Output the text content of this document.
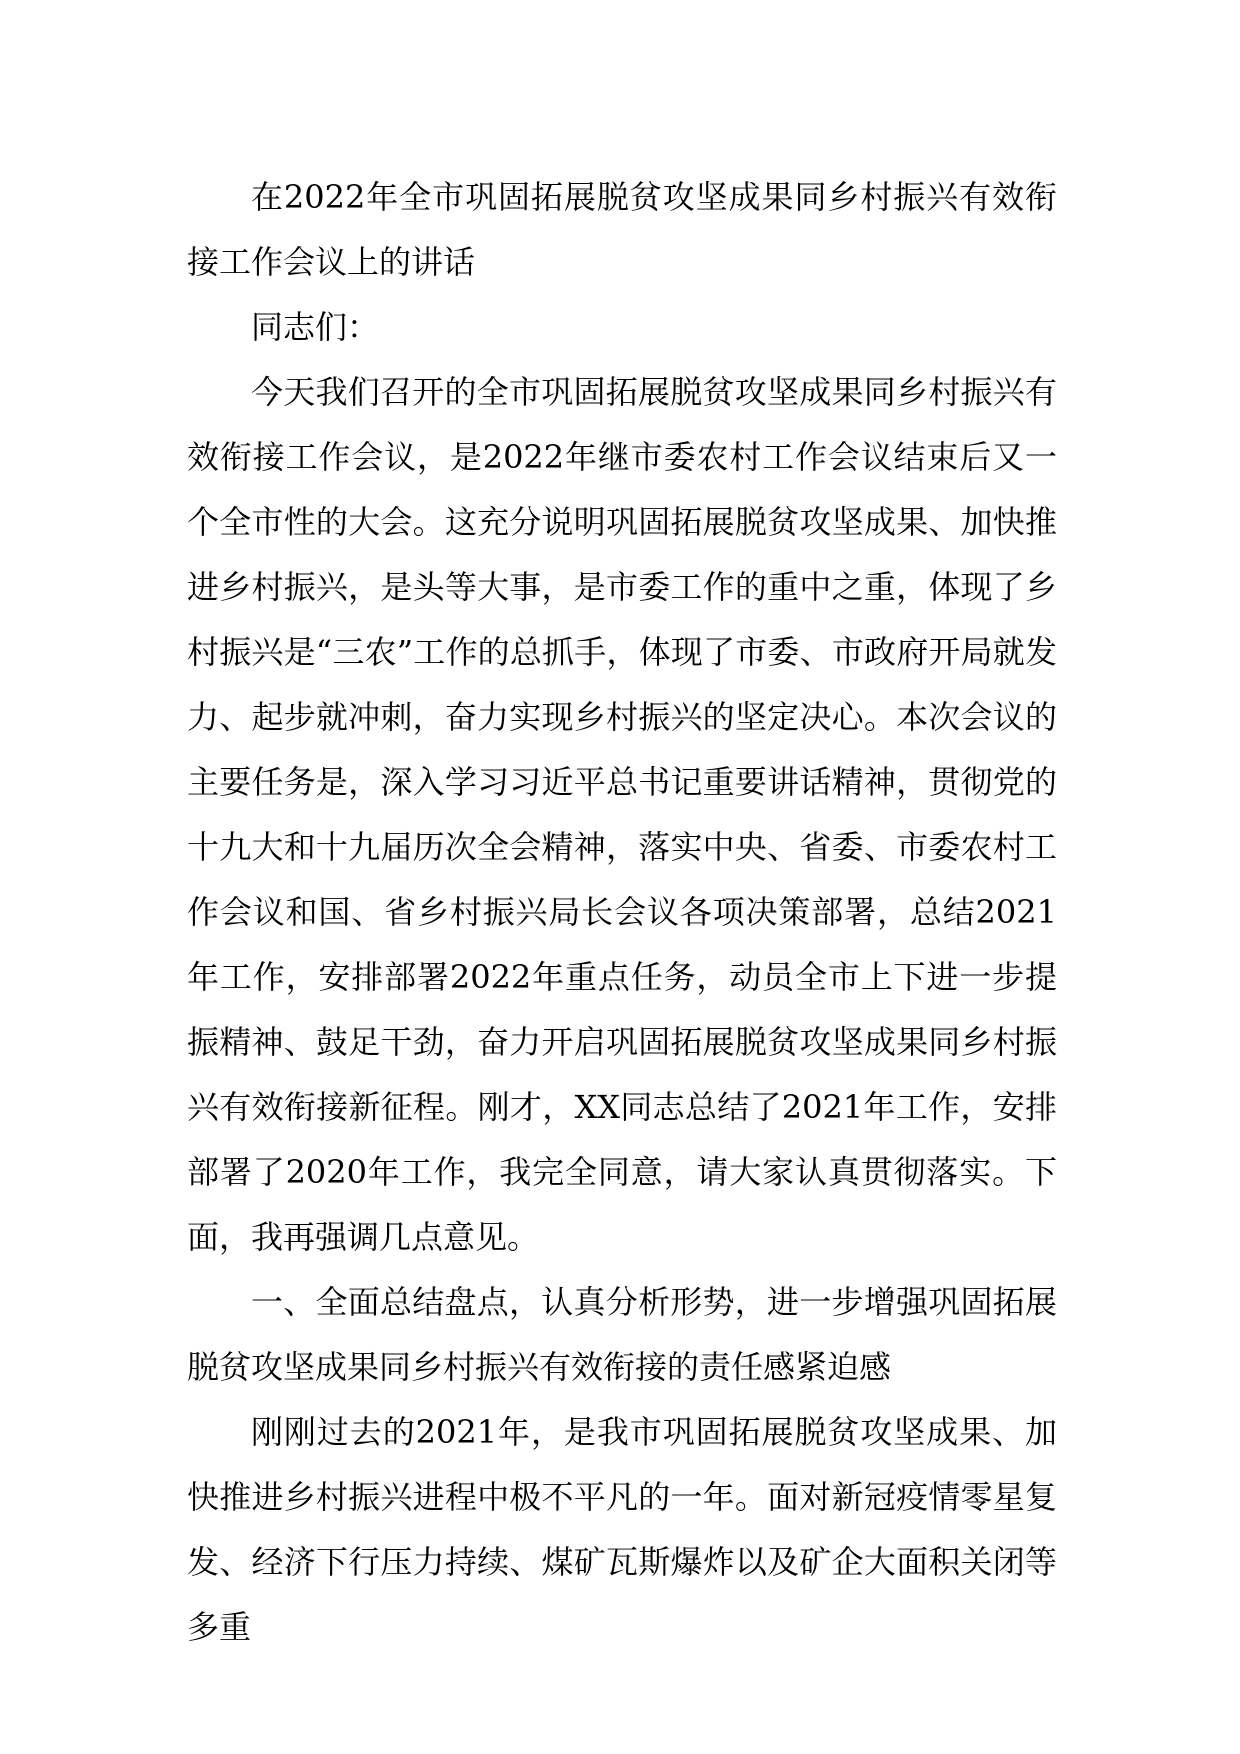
在2022年全市巩固拓展脱贫攻坚成果同乡村振兴有效衔接工作会议上的讲话

同志们：

今天我们召开的全市巩固拓展脱贫攻坚成果同乡村振兴有效衔接工作会议，是2022年继市委农村工作会议结束后又一个全市性的大会。这充分说明巩固拓展脱贫攻坚成果、加快推进乡村振兴，是头等大事，是市委工作的重中之重，体现了乡村振兴是“三农”工作的总抓手，体现了市委、市政府开局就发力、起步就冲刺，奋力实现乡村振兴的坚定决心。本次会议的主要任务是，深入学习习近平总书记重要讲话精神，贯彻党的十九大和十九届历次全会精神，落实中央、省委、市委农村工作会议和国、省乡村振兴局长会议各项决策部署，总结2021年工作，安排部署2022年重点任务，动员全市上下进一步提振精神、鼓足干劲，奋力开启巩固拓展脱贫攻坚成果同乡村振兴有效衔接新征程。刚才，XX同志总结了2021年工作，安排部署了2020年工作，我完全同意，请大家认真贯彻落实。下面，我再强调几点意见。

一、全面总结盘点，认真分析形势，进一步增强巩固拓展脱贫攻坚成果同乡村振兴有效衔接的责任感紧迫感

刚刚过去的2021年，是我市巩固拓展脱贫攻坚成果、加快推进乡村振兴进程中极不平凡的一年。面对新冠疫情零星复发、经济下行压力持续、煤矿瓦斯爆炸以及矿企大面积关闭等多重
